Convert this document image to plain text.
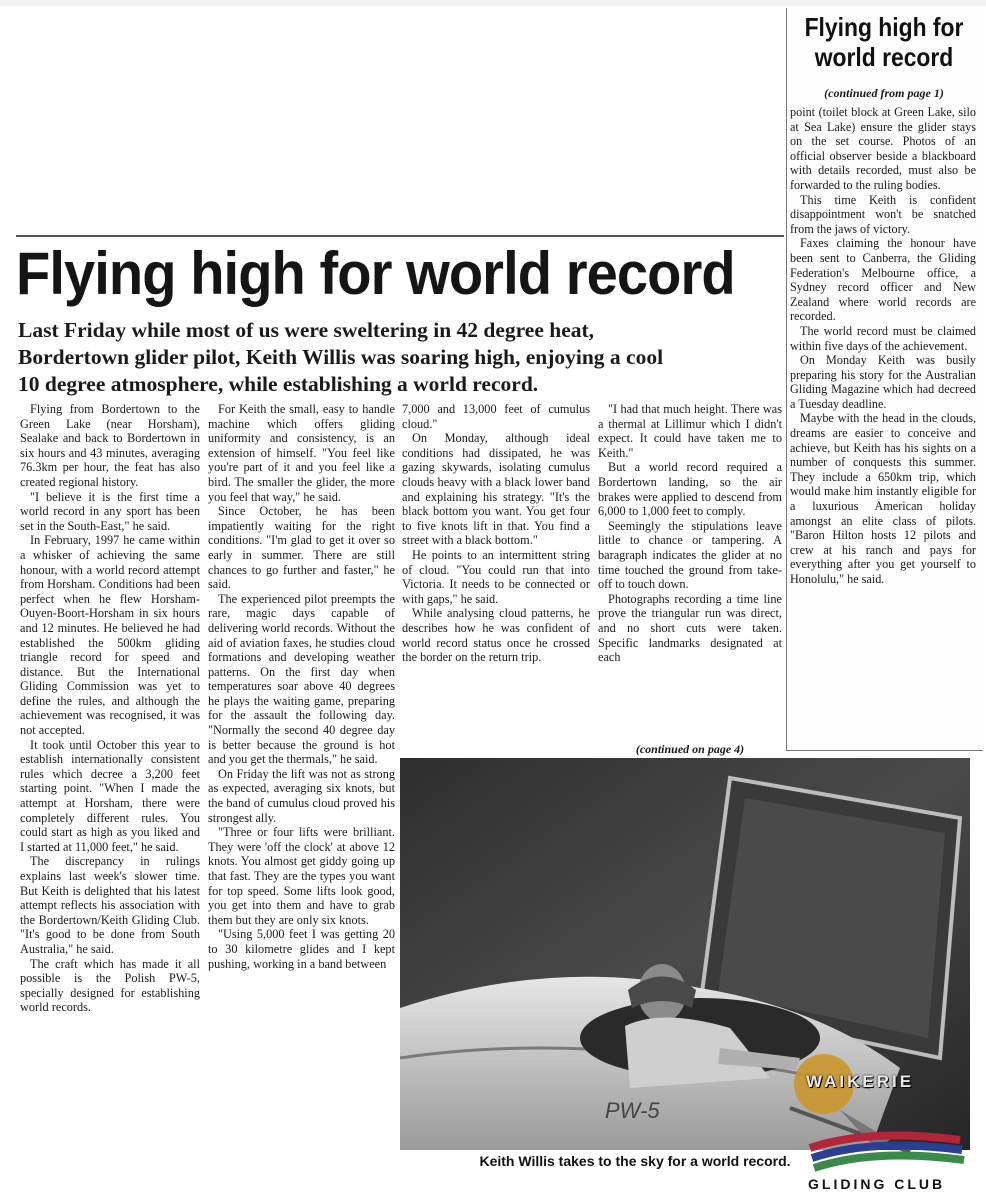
Flying high for world record
(continued from page 1)

point (toilet block at Green Lake, silo at Sea Lake) ensure the glider stays on the set course. Photos of an official observer beside a blackboard with details recorded, must also be forwarded to the ruling bodies.

This time Keith is confident disappointment won't be snatched from the jaws of victory.

Faxes claiming the honour have been sent to Canberra, the Gliding Federation's Melbourne office, a Sydney record officer and New Zealand where world records are recorded.

The world record must be claimed within five days of the achievement.

On Monday Keith was busily preparing his story for the Australian Gliding Magazine which had decreed a Tuesday deadline.

Maybe with the head in the clouds, dreams are easier to conceive and achieve, but Keith has his sights on a number of conquests this summer. They include a 650km trip, which would make him instantly eligible for a luxurious American holiday amongst an elite class of pilots. "Baron Hilton hosts 12 pilots and crew at his ranch and pays for everything after you get yourself to Honolulu," he said.

Flying high for world record
Last Friday while most of us were sweltering in 42 degree heat,
Bordertown glider pilot, Keith Willis was soaring high, enjoying a cool
10 degree atmosphere, while establishing a world record.

Flying from Bordertown to the Green Lake (near Horsham), Sealake and back to Bordertown in six hours and 43 minutes, averaging 76.3km per hour, the feat has also created regional history.

"I believe it is the first time a world record in any sport has been set in the South-East," he said.

In February, 1997 he came within a whisker of achieving the same honour, with a world record attempt from Horsham. Conditions had been perfect when he flew Horsham-Ouyen-Boort-Horsham in six hours and 12 minutes. He believed he had established the 500km gliding triangle record for speed and distance. But the International Gliding Commission was yet to define the rules, and although the achievement was recognised, it was not accepted.

It took until October this year to establish internationally consistent rules which decree a 3,200 feet starting point. "When I made the attempt at Horsham, there were completely different rules. You could start as high as you liked and I started at 11,000 feet," he said.

The discrepancy in rulings explains last week's slower time. But Keith is delighted that his latest attempt reflects his association with the Bordertown/Keith Gliding Club. "It's good to be done from South Australia," he said.

The craft which has made it all possible is the Polish PW-5, specially designed for establishing world records.

For Keith the small, easy to handle machine which offers gliding uniformity and consistency, is an extension of himself. "You feel like you're part of it and you feel like a bird. The smaller the glider, the more you feel that way," he said.

Since October, he has been impatiently waiting for the right conditions. "I'm glad to get it over so early in summer. There are still chances to go further and faster," he said.

The experienced pilot preempts the rare, magic days capable of delivering world records. Without the aid of aviation faxes, he studies cloud formations and developing weather patterns. On the first day when temperatures soar above 40 degrees he plays the waiting game, preparing for the assault the following day. "Normally the second 40 degree day is better because the ground is hot and you get the thermals," he said.

On Friday the lift was not as strong as expected, averaging six knots, but the band of cumulus cloud proved his strongest ally.

"Three or four lifts were brilliant. They were 'off the clock' at above 12 knots. You almost get giddy going up that fast. They are the types you want for top speed. Some lifts look good, you get into them and have to grab them but they are only six knots.

"Using 5,000 feet I was getting 20 to 30 kilometre glides and I kept pushing, working in a band between

7,000 and 13,000 feet of cumulus cloud."

On Monday, although ideal conditions had dissipated, he was gazing skywards, isolating cumulus clouds heavy with a black lower band and explaining his strategy. "It's the black bottom you want. You get four to five knots lift in that. You find a street with a black bottom."

He points to an intermittent string of cloud. "You could run that into Victoria. It needs to be connected or with gaps," he said.

While analysing cloud patterns, he describes how he was confident of world record status once he crossed the border on the return trip.

"I had that much height. There was a thermal at Lillimur which I didn't expect. It could have taken me to Keith."

But a world record required a Bordertown landing, so the air brakes were applied to descend from 6,000 to 1,000 feet to comply.

Seemingly the stipulations leave little to chance or tampering. A baragraph indicates the glider at no time touched the ground from take-off to touch down.

Photographs recording a time line prove the triangular run was direct, and no short cuts were taken. Specific landmarks designated at each

(continued on page 4)
PW-5
Keith Willis takes to the sky for a world record.
WAIKERIE
GLIDING CLUB
